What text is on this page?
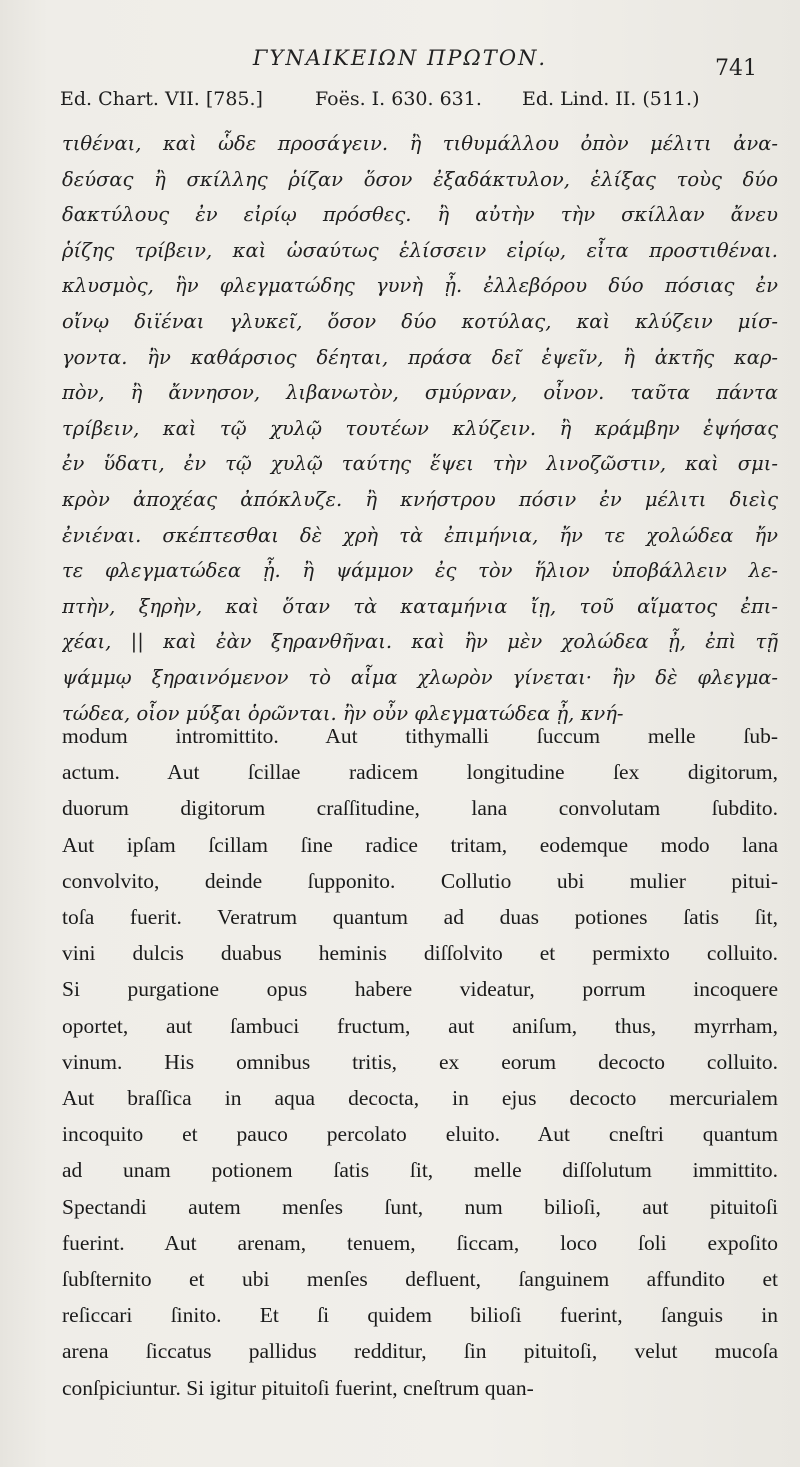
ΓΥΝΑΙΚΕΙΩΝ ΠΡΩΤΟΝ.	741
Ed. Chart. VII. [785.]	Foës. I. 630. 631. Ed. Lind. II. (511.)
τιθέναι, καὶ ὧδε προσάγειν. ἢ τιθυμάλλου ὀπὸν μέλιτι ἀνα-
δεύσας ἢ σκίλλης ῥίζαν ὅσον ἐξαδάκτυλον, ἑλίξας τοὺς δύο
δακτύλους ἐν εἰρίῳ πρόσθες. ἢ αὐτὴν τὴν σκίλλαν ἄνευ
ῥίζης τρίβειν, καὶ ὡσαύτως ἑλίσσειν εἰρίῳ, εἶτα προστιθέναι.
κλυσμὸς, ἣν φλεγματώδης γυνὴ ᾖ. ἐλλεβόρου δύο πόσιας ἐν
οἴνῳ διϊέναι γλυκεῖ, ὅσον δύο κοτύλας, καὶ κλύζειν μίσ-
γοντα. ἢν καθάρσιος δέηται, πράσα δεῖ ἑψεῖν, ἢ ἀκτῆς καρ-
πὸν, ἢ ἄννησον, λιβανωτὸν, σμύρναν, οἶνον. ταῦτα πάντα
τρίβειν, καὶ τῷ χυλῷ τουτέων κλύζειν. ἢ κράμβην ἑψήσας
ἐν ὕδατι, ἐν τῷ χυλῷ ταύτης ἕψει τὴν λινοζῶστιν, καὶ σμι-
κρὸν ἀποχέας ἀπόκλυζε. ἢ κνήστρου πόσιν ἐν μέλιτι διεὶς
ἐνιέναι. σκέπτεσθαι δὲ χρὴ τὰ ἐπιμήνια, ἤν τε χολώδεα ἤν
τε φλεγματώδεα ᾖ. ἢ ψάμμον ἐς τὸν ἥλιον ὑποβάλλειν λε-
πτὴν, ξηρὴν, καὶ ὅταν τὰ καταμήνια ἴῃ, τοῦ αἵματος ἐπι-
χέαι, || καὶ ἐὰν ξηρανθῆναι. καὶ ἢν μὲν χολώδεα ᾖ, ἐπὶ τῇ
ψάμμῳ ξηραινόμενον τὸ αἷμα χλωρὸν γίνεται· ἢν δὲ φλεγμα-
τώδεα, οἷον μύξαι ὁρῶνται. ἢν οὖν φλεγματώδεα ᾖ, κνή-
modum intromittito. Aut tithymalli ſuccum melle ſub-
actum. Aut ſcillae radicem longitudine ſex digitorum,
duorum digitorum craſſitudine, lana convolutam ſubdito.
Aut ipſam ſcillam ſine radice tritam, eodemque modo lana
convolvito, deinde ſupponito. Collutio ubi mulier pitui-
toſa fuerit. Veratrum quantum ad duas potiones ſatis ſit,
vini dulcis duabus heminis diſſolvito et permixto colluito.
Si purgatione opus habere videatur, porrum incoquere
oportet, aut ſambuci fructum, aut aniſum, thus, myrrham,
vinum. His omnibus tritis, ex eorum decocto colluito.
Aut braſſica in aqua decocta, in ejus decocto mercurialem
incoquito et pauco percolato eluito. Aut cneſtri quantum
ad unam potionem ſatis ſit, melle diſſolutum immittito.
Spectandi autem menſes ſunt, num bilioſi, aut pituitoſi
fuerint. Aut arenam, tenuem, ſiccam, loco ſoli expoſito
ſubſternito et ubi menſes defluent, ſanguinem affundito et
reſiccari ſinito. Et ſi quidem bilioſi fuerint, ſanguis in
arena ſiccatus pallidus redditur, ſin pituitoſi, velut mucoſa
conſpiciuntur. Si igitur pituitoſi fuerint, cneſtrum quan-
